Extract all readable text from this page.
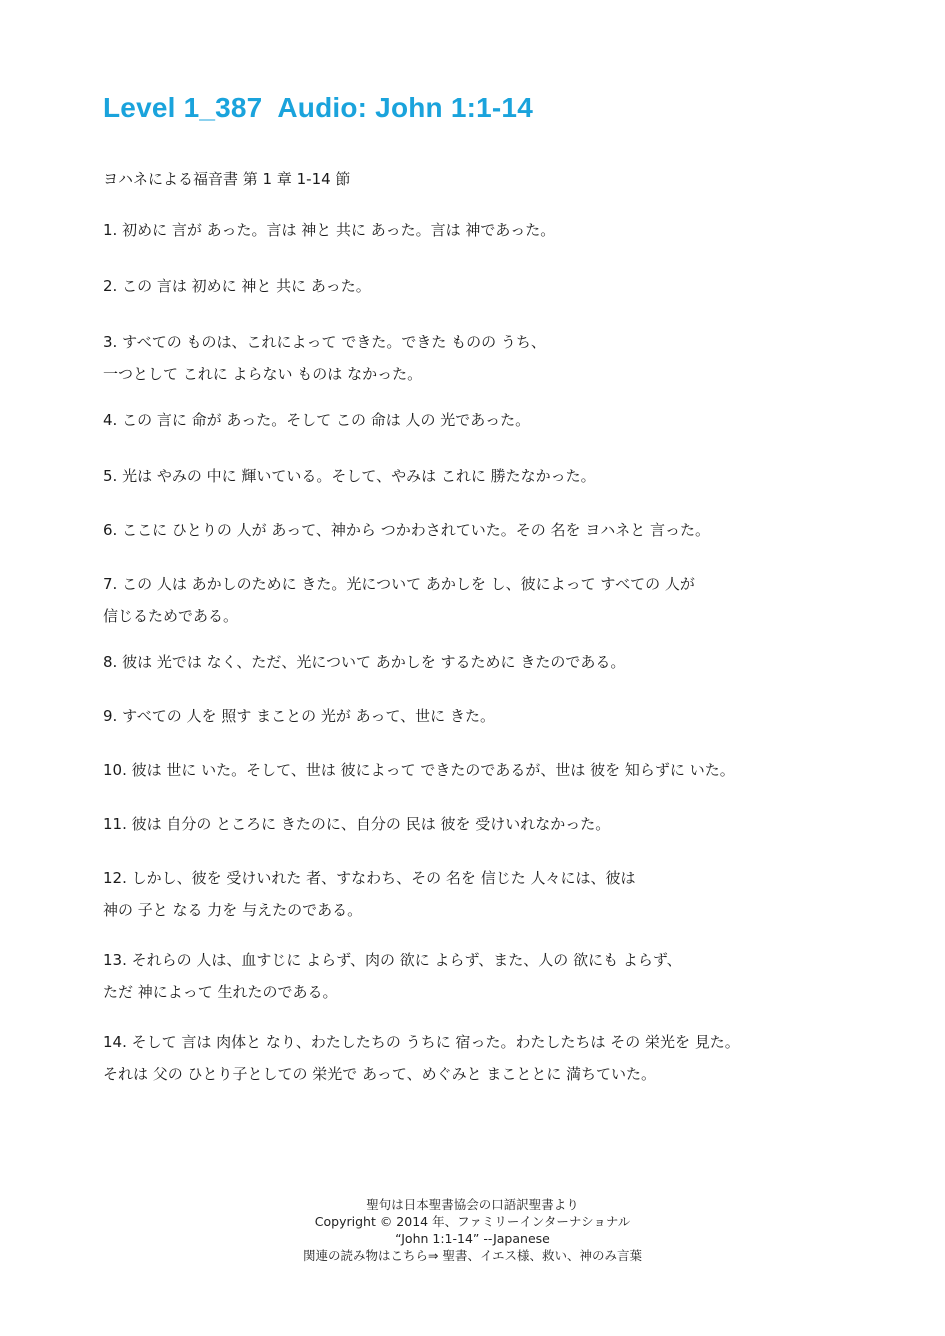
Level 1_387  Audio: John 1:1-14
ヨハネによる福音書 第 1 章 1-14 節
1. 初めに 言が あった。言は 神と 共に あった。言は 神であった。
2. この 言は 初めに 神と 共に あった。
3. すべての ものは、これによって できた。できた ものの うち、
一つとして これに よらない ものは なかった。
4. この 言に 命が あった。そして この 命は 人の 光であった。
5. 光は やみの 中に 輝いている。そして、やみは これに 勝たなかった。
6. ここに ひとりの 人が あって、神から つかわされていた。その 名を ヨハネと 言った。
7. この 人は あかしのために きた。光について あかしを し、彼によって すべての 人が
信じるためである。
8. 彼は 光では なく、ただ、光について あかしを するために きたのである。
9. すべての 人を 照す まことの 光が あって、世に きた。
10. 彼は 世に いた。そして、世は 彼によって できたのであるが、世は 彼を 知らずに いた。
11. 彼は 自分の ところに きたのに、自分の 民は 彼を 受けいれなかった。
12. しかし、彼を 受けいれた 者、すなわち、その 名を 信じた 人々には、彼は
神の 子と なる 力を 与えたのである。
13. それらの 人は、血すじに よらず、肉の 欲に よらず、また、人の 欲にも よらず、
ただ 神によって 生れたのである。
14. そして 言は 肉体と なり、わたしたちの うちに 宿った。わたしたちは その 栄光を 見た。
それは 父の ひとり子としての 栄光で あって、めぐみと まこととに 満ちていた。
聖句は日本聖書協会の口語訳聖書より
Copyright © 2014 年、ファミリーインターナショナル
“John 1:1-14” --Japanese
関連の読み物はこちら⇒ 聖書、イエス様、救い、神のみ言葉
